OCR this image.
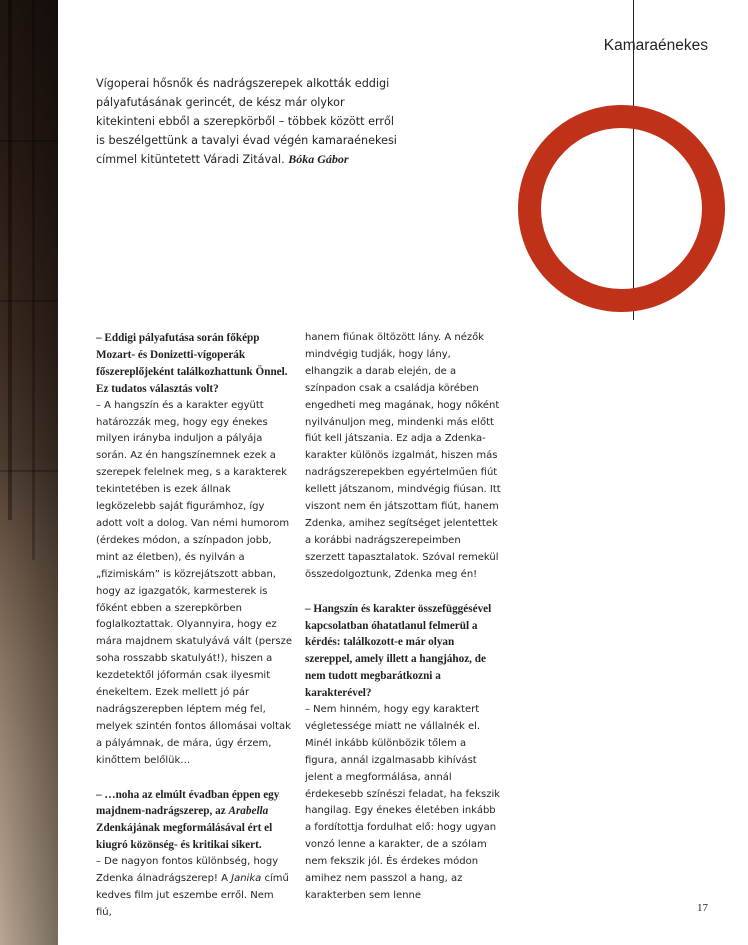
Kamaraénekes

Vígoperai hősnők és nadrágszerepek alkották eddigi pályafutásának gerincét, de kész már olykor kitekinteni ebből a szerepkörből – többek között erről is beszélgettünk a tavalyi évad végén kamaraénekesi címmel kitüntetett Váradi Zitával. Bóka Gábor

– Eddigi pályafutása során főképp Mozart- és Donizetti-vígoperák főszereplőjeként találkozhattunk Önnel. Ez tudatos választás volt?

– A hangszín és a karakter együtt határozzák meg, hogy egy énekes milyen irányba induljon a pályája során. Az én hangszínemnek ezek a szerepek felelnek meg, s a karakterek tekintetében is ezek állnak legközelebb saját figurámhoz, így adott volt a dolog. Van némi humorom (érdekes módon, a színpadon jobb, mint az életben), és nyilván a „fizimiskám” is közrejátszott abban, hogy az igazgatók, karmesterek is főként ebben a szerepkörben foglalkoztattak. Olyannyira, hogy ez mára majdnem skatulyává vált (persze soha rosszabb skatulyát!), hiszen a kezdetektől jóformán csak ilyesmit énekeltem. Ezek mellett jó pár nadrágszerepben léptem még fel, melyek szintén fontos állomásai voltak a pályámnak, de mára, úgy érzem, kinőttem belőlük…

– …noha az elmúlt évadban éppen egy majdnem-nadrágszerep, az Arabella Zdenkájának megformálásával ért el kiugró közönség- és kritikai sikert.

– De nagyon fontos különbség, hogy Zdenka álnadrágszerep! A Janika című kedves film jut eszembe erről. Nem fiú,

hanem fiúnak öltözött lány. A nézők mindvégig tudják, hogy lány, elhangzik a darab elején, de a színpadon csak a családja körében engedheti meg magának, hogy nőként nyilvánuljon meg, mindenki más előtt fiút kell játszania. Ez adja a Zdenka-karakter különös izgalmát, hiszen más nadrágszerepekben egyértelműen fiút kellett játszanom, mindvégig fiúsan. Itt viszont nem én játszottam fiút, hanem Zdenka, amihez segítséget jelentettek a korábbi nadrágszerepeimben szerzett tapasztalatok. Szóval remekül összedolgoztunk, Zdenka meg én!

– Hangszín és karakter összefüggésével kapcsolatban óhatatlanul felmerül a kérdés: találkozott-e már olyan szereppel, amely illett a hangjához, de nem tudott megbarátkozni a karakterével?

– Nem hinném, hogy egy karaktert végletessége miatt ne vállalnék el. Minél inkább különbözik tőlem a figura, annál izgalmasabb kihívást jelent a megformálása, annál érdekesebb színészi feladat, ha fekszik hangilag. Egy énekes életében inkább a fordítottja fordulhat elő: hogy ugyan vonzó lenne a karakter, de a szólam nem fekszik jól. És érdekes módon amihez nem passzol a hang, az karakterben sem lenne

17
